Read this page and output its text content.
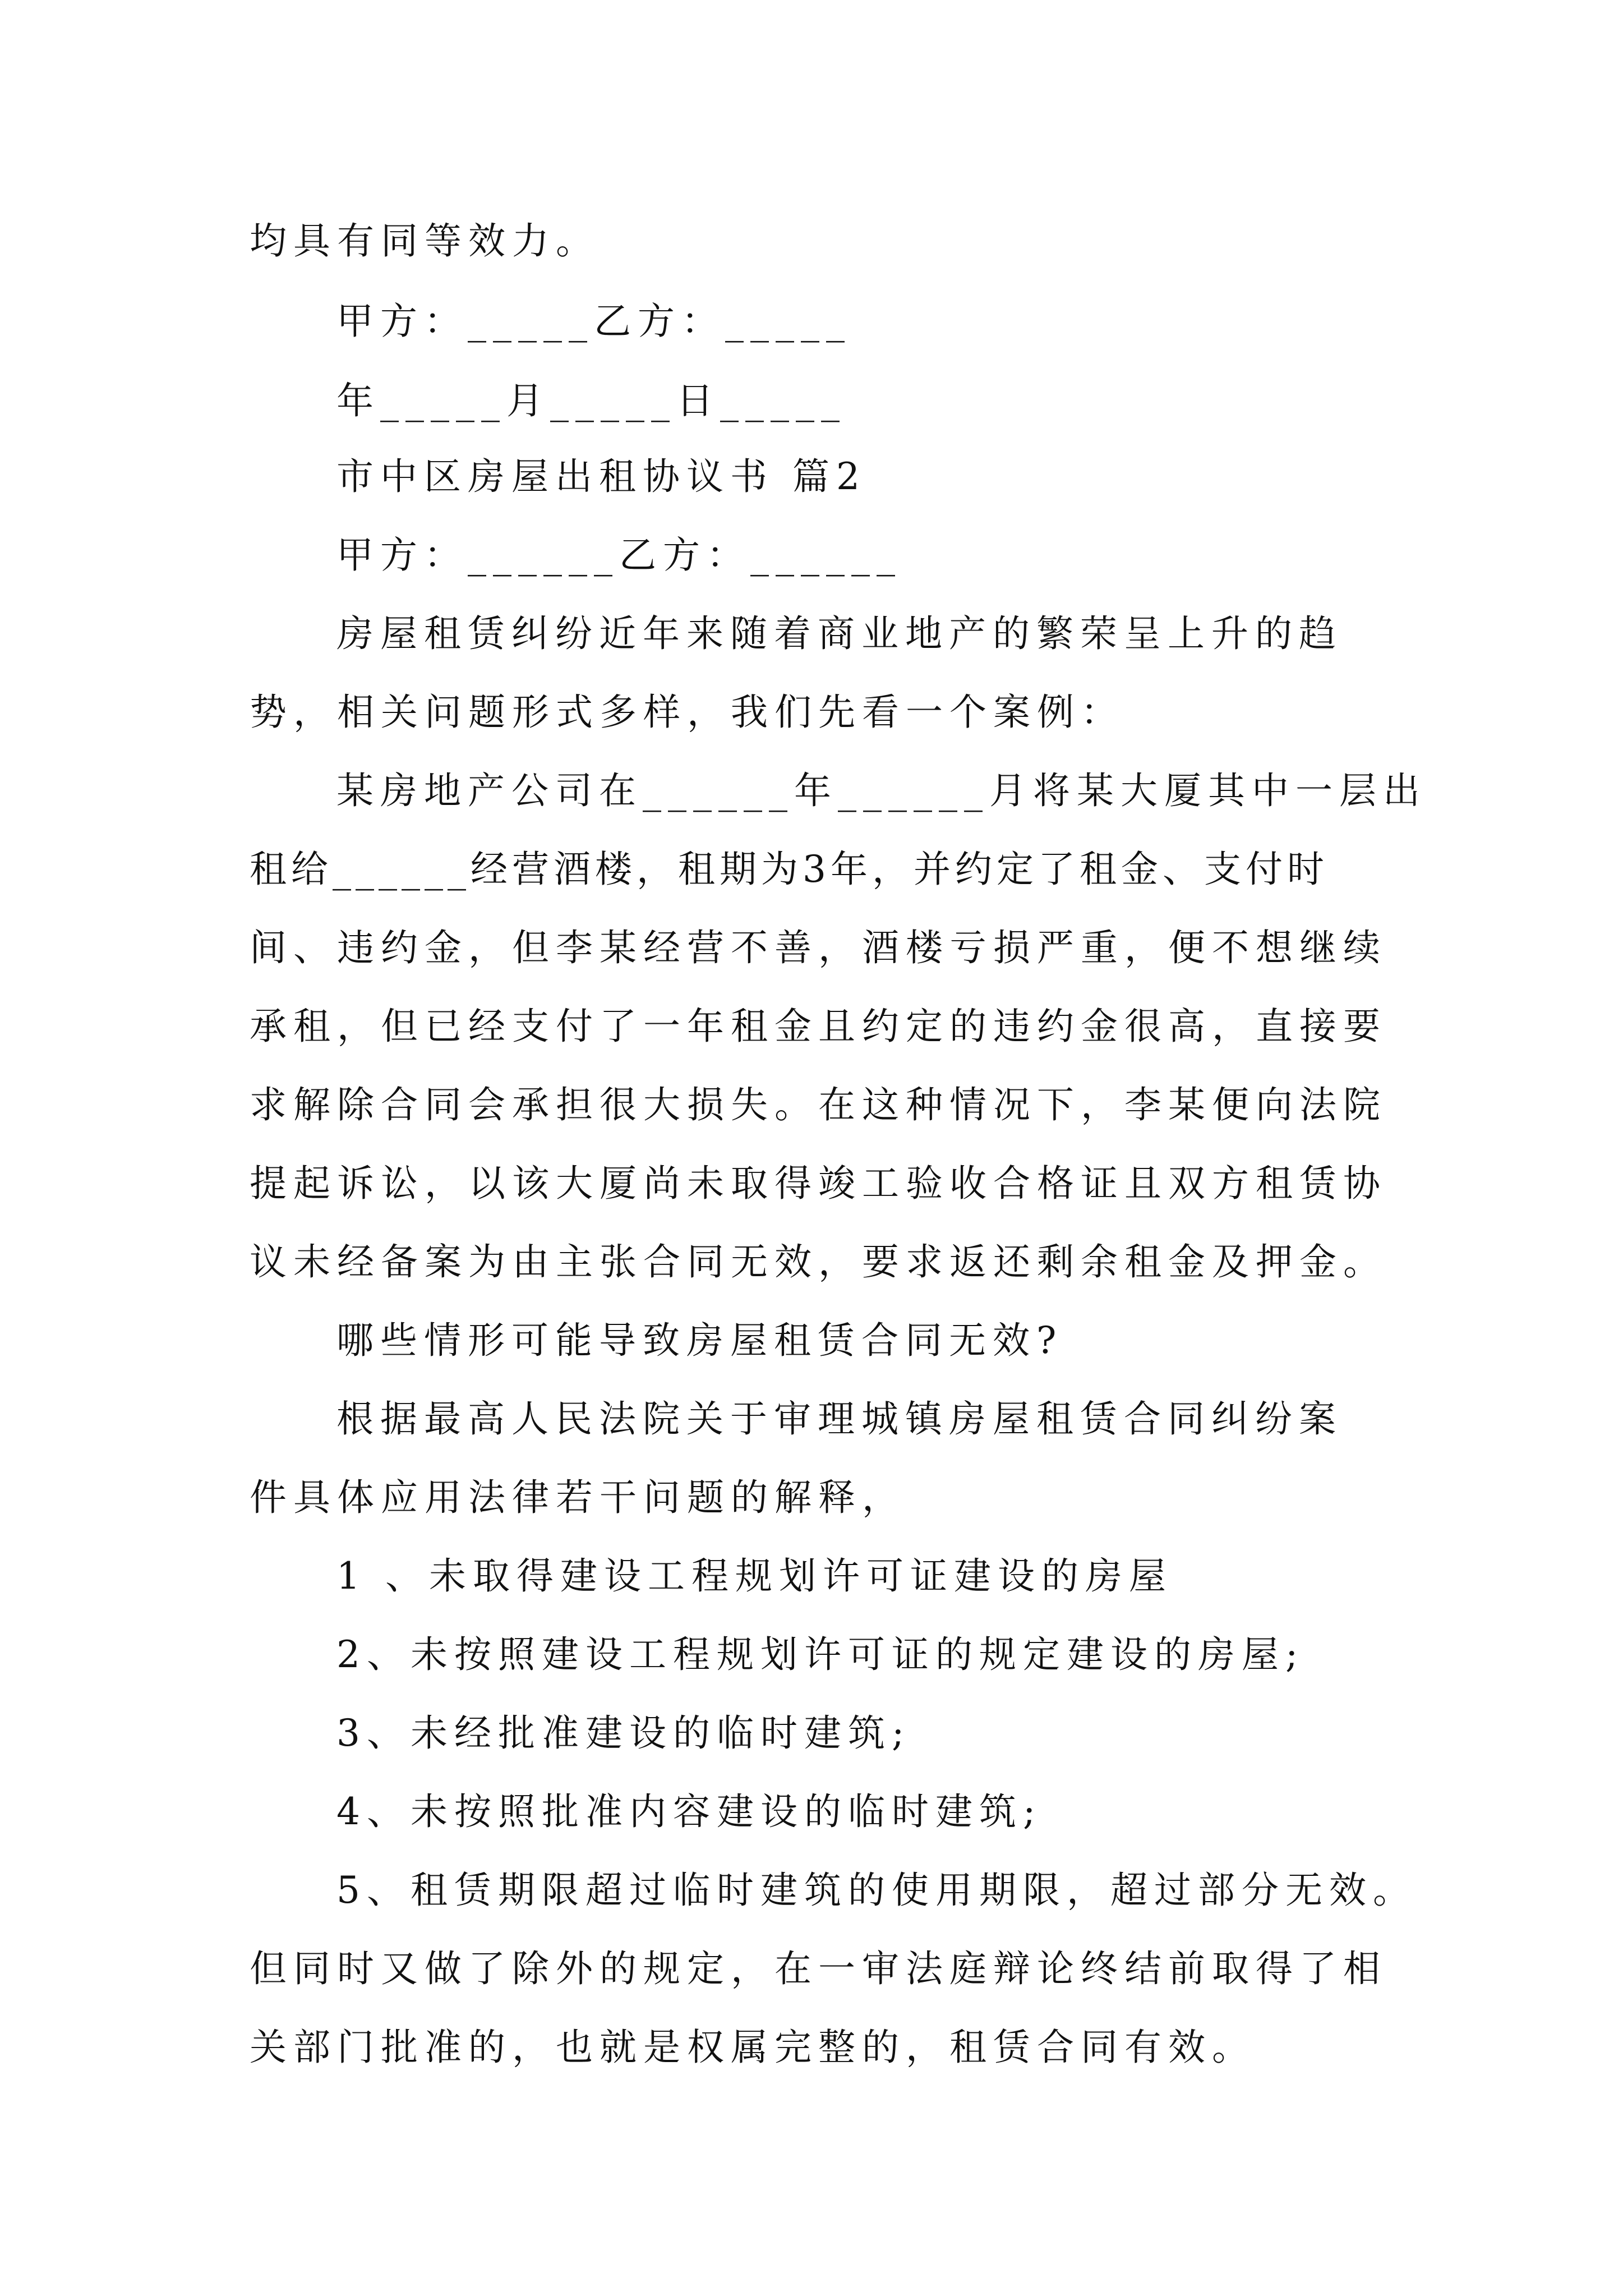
均具有同等效力。
甲方：_____乙方：_____
年_____月_____日_____
市中区房屋出租协议书 篇2
甲方：______乙方：______
房屋租赁纠纷近年来随着商业地产的繁荣呈上升的趋
势，相关问题形式多样，我们先看一个案例：
某房地产公司在______年______月将某大厦其中一层出
租给______经营酒楼，租期为3年，并约定了租金、支付时
间、违约金，但李某经营不善，酒楼亏损严重，便不想继续
承租，但已经支付了一年租金且约定的违约金很高，直接要
求解除合同会承担很大损失。在这种情况下，李某便向法院
提起诉讼，以该大厦尚未取得竣工验收合格证且双方租赁协
议未经备案为由主张合同无效，要求返还剩余租金及押金。
哪些情形可能导致房屋租赁合同无效?
根据最高人民法院关于审理城镇房屋租赁合同纠纷案
件具体应用法律若干问题的解释，
1 、未取得建设工程规划许可证建设的房屋
2、未按照建设工程规划许可证的规定建设的房屋;
3、未经批准建设的临时建筑;
4、未按照批准内容建设的临时建筑;
5、租赁期限超过临时建筑的使用期限，超过部分无效。
但同时又做了除外的规定，在一审法庭辩论终结前取得了相
关部门批准的，也就是权属完整的，租赁合同有效。
